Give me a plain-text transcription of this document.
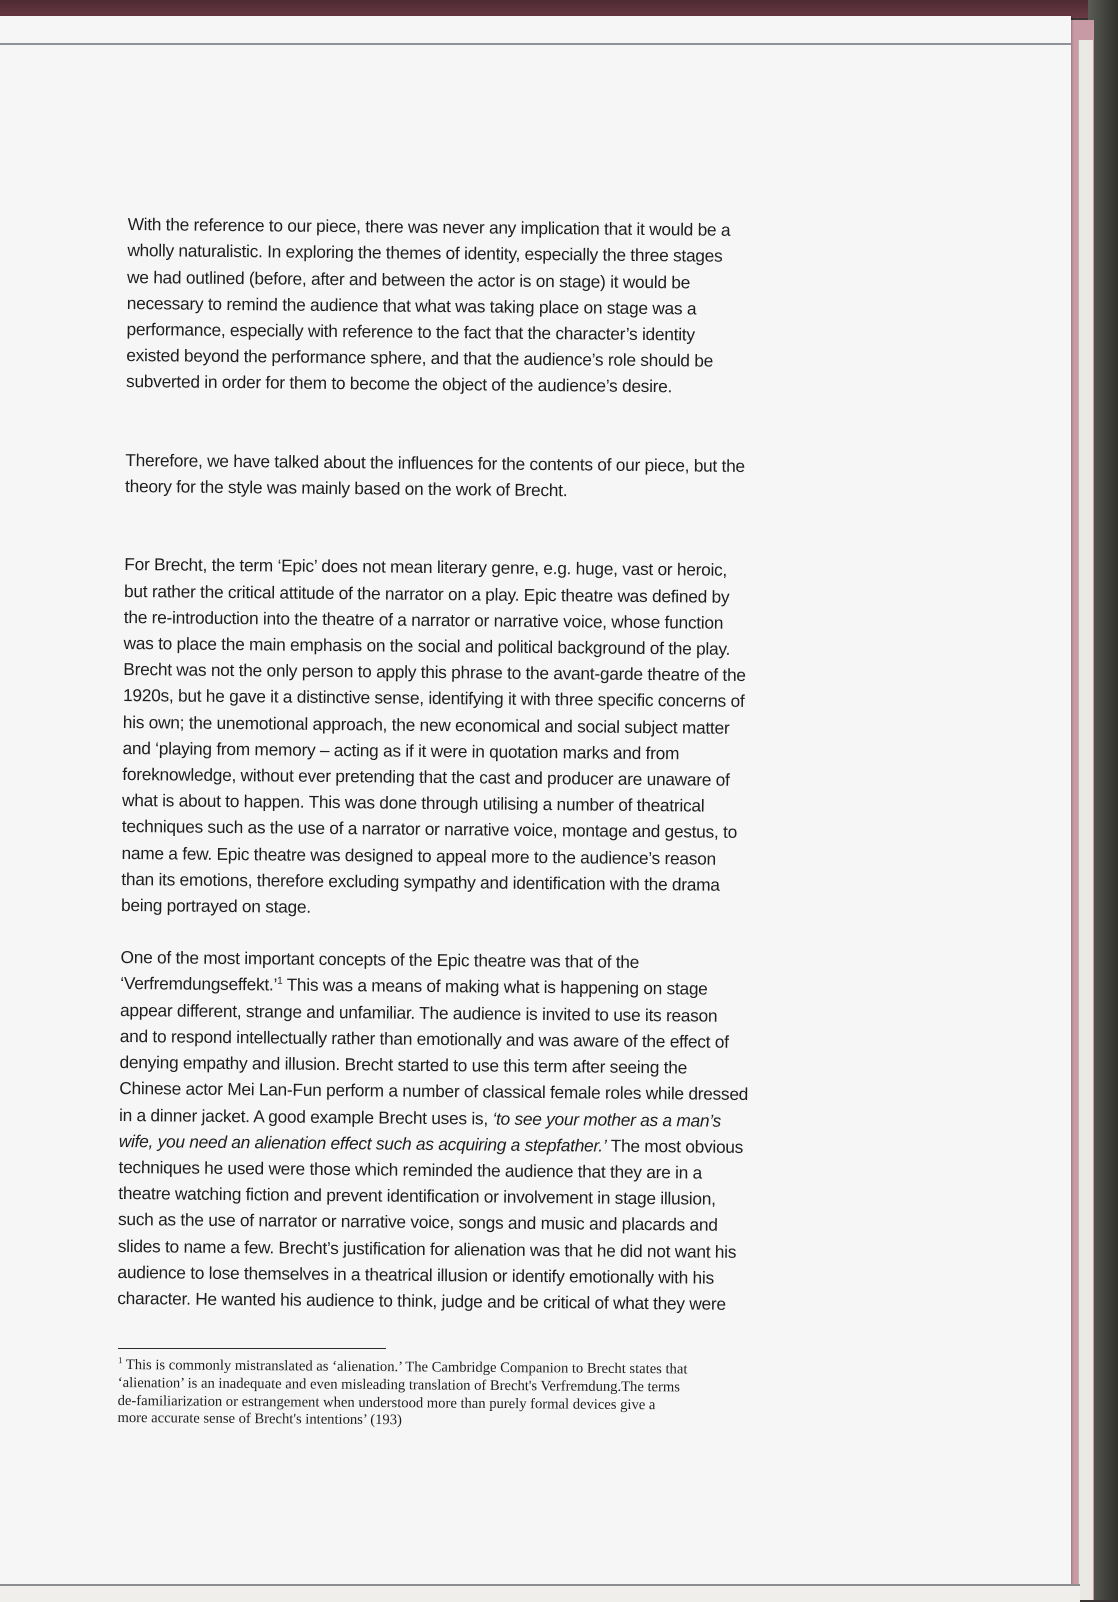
With the reference to our piece, there was never any implication that it would be a
wholly naturalistic. In exploring the themes of identity, especially the three stages
we had outlined (before, after and between the actor is on stage) it would be
necessary to remind the audience that what was taking place on stage was a
performance, especially with reference to the fact that the character’s identity
existed beyond the performance sphere, and that the audience’s role should be
subverted in order for them to become the object of the audience’s desire.

Therefore, we have talked about the influences for the contents of our piece, but the
theory for the style was mainly based on the work of Brecht.

For Brecht, the term ‘Epic’ does not mean literary genre, e.g. huge, vast or heroic,
but rather the critical attitude of the narrator on a play. Epic theatre was defined by
the re-introduction into the theatre of a narrator or narrative voice, whose function
was to place the main emphasis on the social and political background of the play.
Brecht was not the only person to apply this phrase to the avant-garde theatre of the
1920s, but he gave it a distinctive sense, identifying it with three specific concerns of
his own; the unemotional approach, the new economical and social subject matter
and ‘playing from memory – acting as if it were in quotation marks and from
foreknowledge, without ever pretending that the cast and producer are unaware of
what is about to happen. This was done through utilising a number of theatrical
techniques such as the use of a narrator or narrative voice, montage and gestus, to
name a few. Epic theatre was designed to appeal more to the audience’s reason
than its emotions, therefore excluding sympathy and identification with the drama
being portrayed on stage.

One of the most important concepts of the Epic theatre was that of the
‘Verfremdungseffekt.’$^1$ This was a means of making what is happening on stage
appear different, strange and unfamiliar. The audience is invited to use its reason
and to respond intellectually rather than emotionally and was aware of the effect of
denying empathy and illusion. Brecht started to use this term after seeing the
Chinese actor Mei Lan-Fun perform a number of classical female roles while dressed
in a dinner jacket. A good example Brecht uses is, ‘to see your mother as a man’s
wife, you need an alienation effect such as acquiring a stepfather.’ The most obvious
techniques he used were those which reminded the audience that they are in a
theatre watching fiction and prevent identification or involvement in stage illusion,
such as the use of narrator or narrative voice, songs and music and placards and
slides to name a few. Brecht’s justification for alienation was that he did not want his
audience to lose themselves in a theatrical illusion or identify emotionally with his
character. He wanted his audience to think, judge and be critical of what they were

$^1$ This is commonly mistranslated as ‘alienation.’ The Cambridge Companion to Brecht states that
‘alienation’ is an inadequate and even misleading translation of Brecht's Verfremdung.The terms
de-familiarization or estrangement when understood more than purely formal devices give a
more accurate sense of Brecht's intentions’ (193)
